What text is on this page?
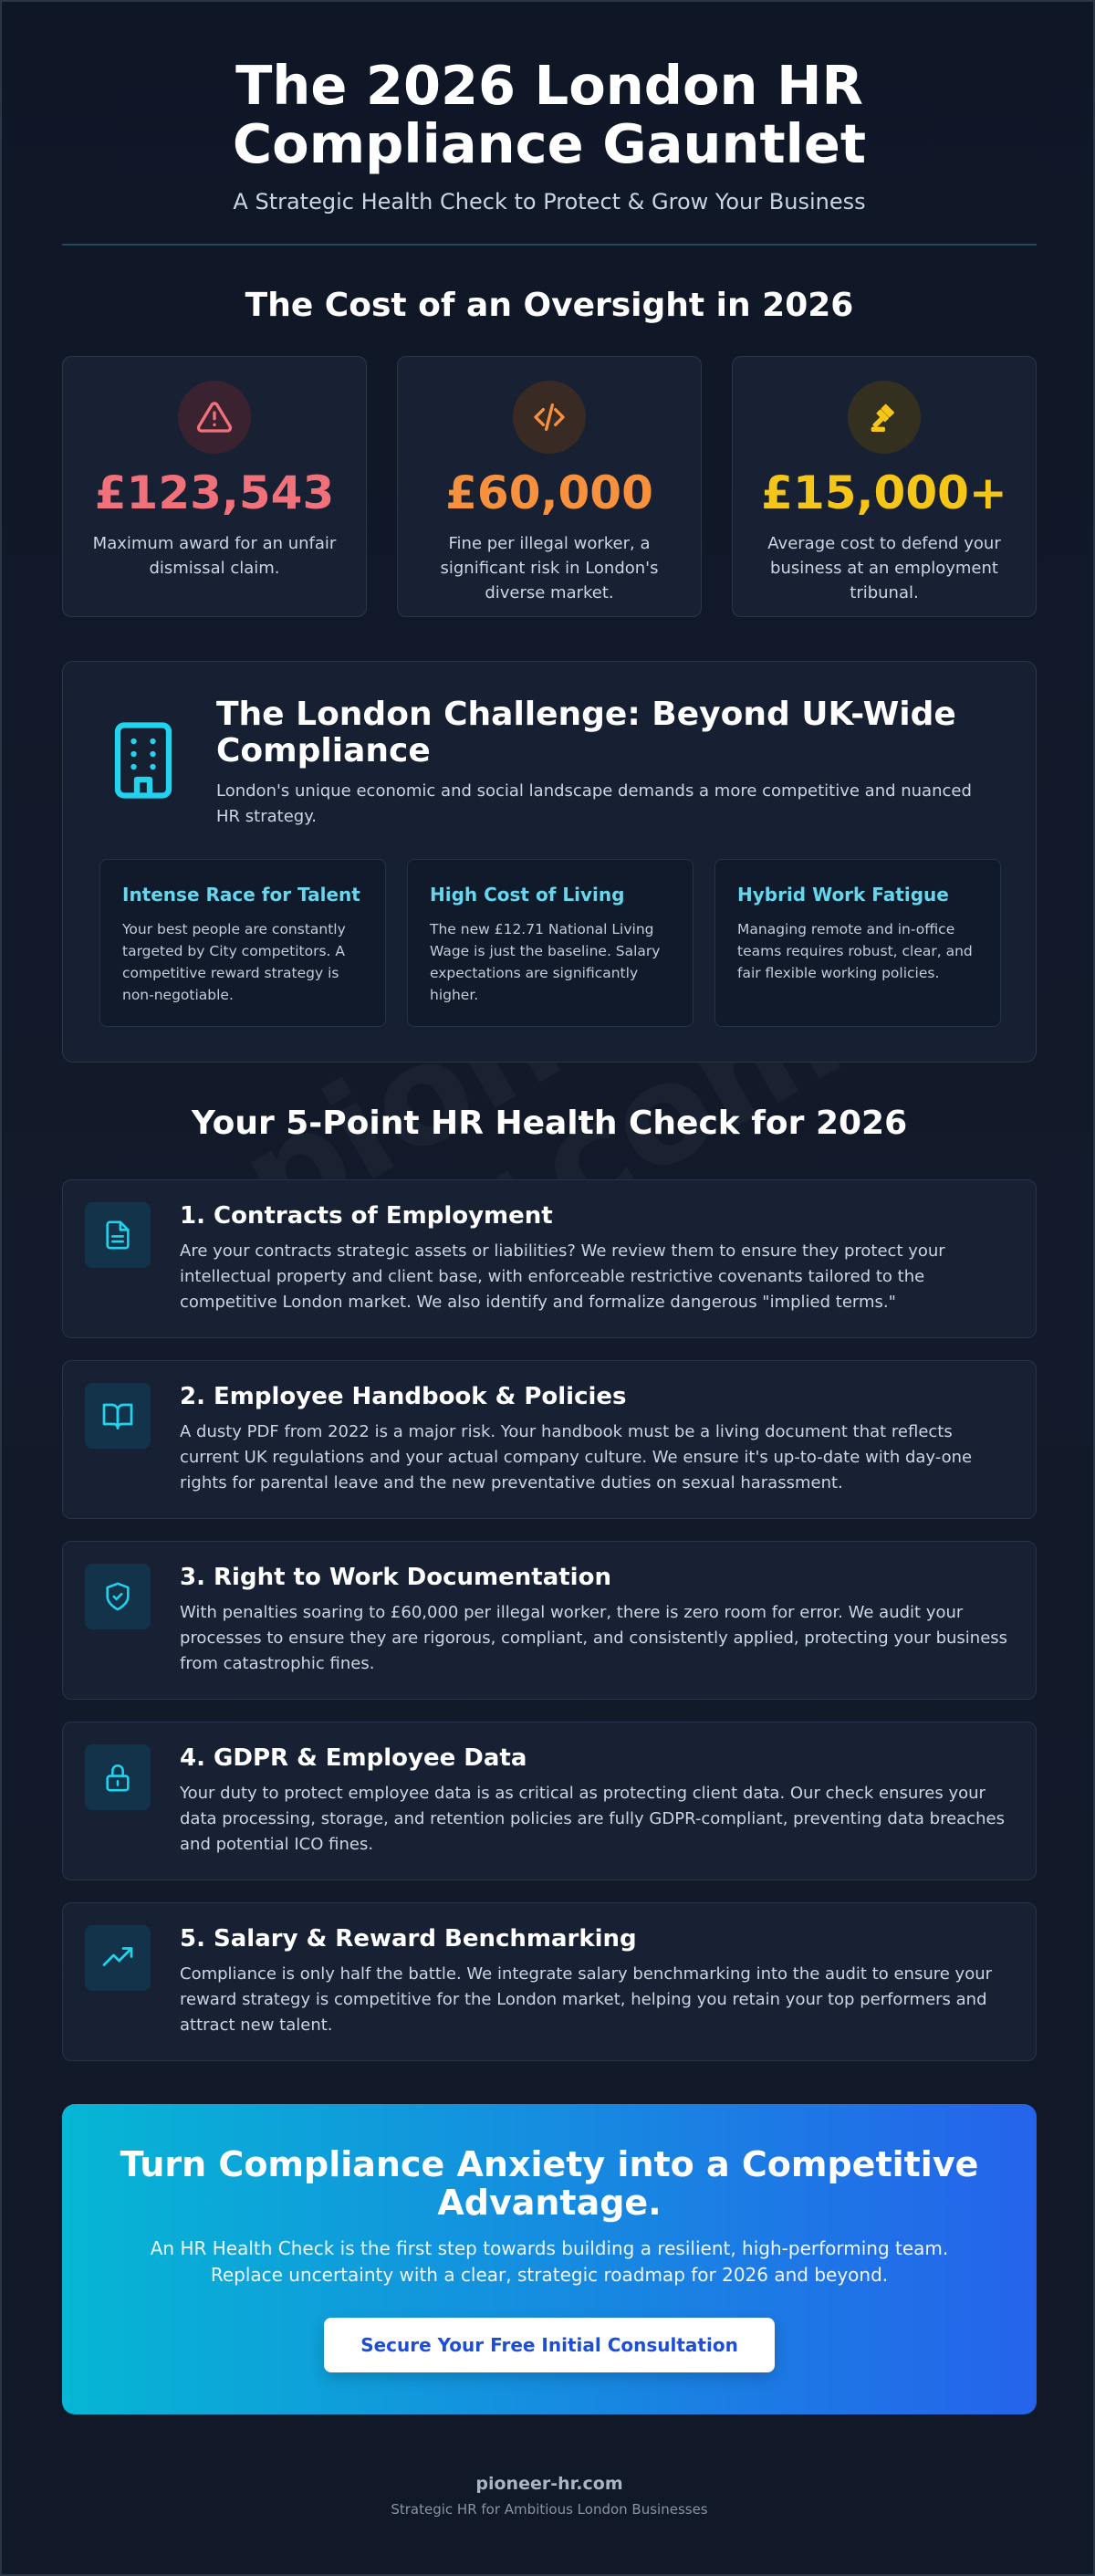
The 2026 London HR
Compliance Gauntlet
A Strategic Health Check to Protect & Grow Your Business
The Cost of an Oversight in 2026
£123,543
Maximum award for an unfair dismissal claim.
£60,000
Fine per illegal worker, a significant risk in London's diverse market.
£15,000+
Average cost to defend your business at an employment tribunal.
The London Challenge: Beyond UK-Wide Compliance

London's unique economic and social landscape demands a more competitive and nuanced HR strategy.

Intense Race for Talent
Your best people are constantly targeted by City competitors. A competitive reward strategy is non-negotiable.
High Cost of Living
The new £12.71 National Living Wage is just the baseline. Salary expectations are significantly higher.
Hybrid Work Fatigue
Managing remote and in-office teams requires robust, clear, and fair flexible working policies.
Your 5-Point HR Health Check for 2026
1. Contracts of Employment

Are your contracts strategic assets or liabilities? We review them to ensure they protect your intellectual property and client base, with enforceable restrictive covenants tailored to the competitive London market. We also identify and formalize dangerous "implied terms."

2. Employee Handbook & Policies

A dusty PDF from 2022 is a major risk. Your handbook must be a living document that reflects current UK regulations and your actual company culture. We ensure it's up-to-date with day-one rights for parental leave and the new preventative duties on sexual harassment.

3. Right to Work Documentation

With penalties soaring to £60,000 per illegal worker, there is zero room for error. We audit your processes to ensure they are rigorous, compliant, and consistently applied, protecting your business from catastrophic fines.

4. GDPR & Employee Data

Your duty to protect employee data is as critical as protecting client data. Our check ensures your data processing, storage, and retention policies are fully GDPR-compliant, preventing data breaches and potential ICO fines.

5. Salary & Reward Benchmarking

Compliance is only half the battle. We integrate salary benchmarking into the audit to ensure your reward strategy is competitive for the London market, helping you retain your top performers and attract new talent.

Turn Compliance Anxiety into a Competitive Advantage.

An HR Health Check is the first step towards building a resilient, high-performing team. Replace uncertainty with a clear, strategic roadmap for 2026 and beyond.

Secure Your Free Initial Consultation
pioneer-hr.com
Strategic HR for Ambitious London Businesses
